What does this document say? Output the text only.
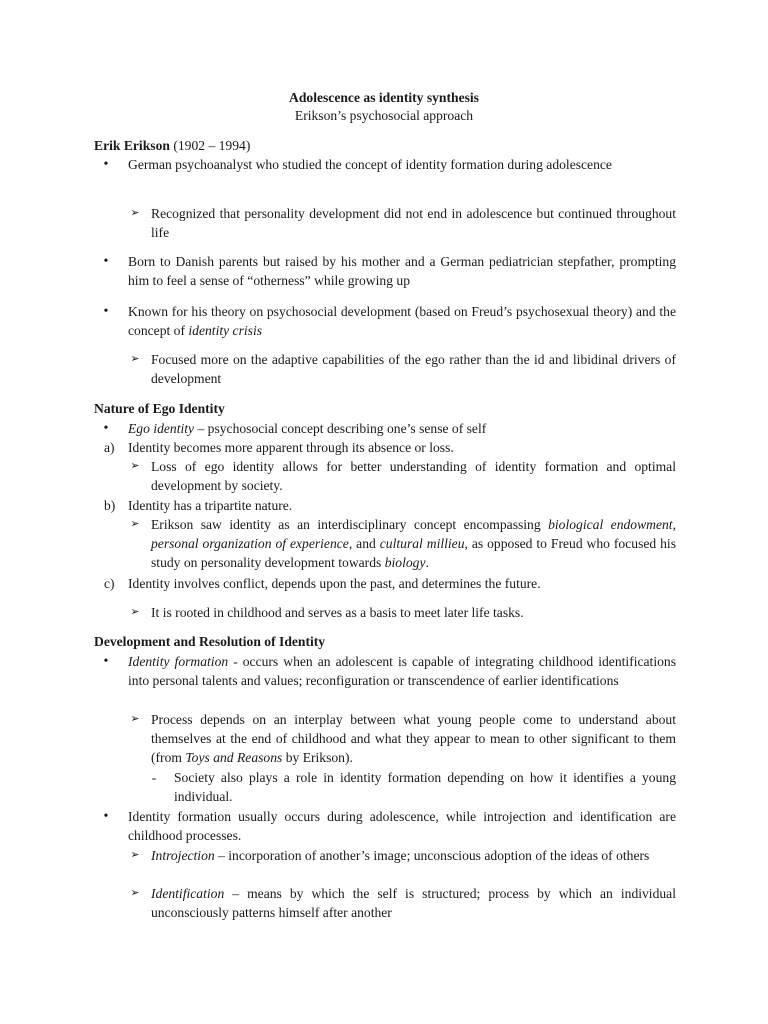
Adolescence as identity synthesis
Erikson’s psychosocial approach
Erik Erikson (1902 – 1994)
•	German psychoanalyst who studied the concept of identity formation during adolescence
➢ Recognized that personality development did not end in adolescence but continued throughout life
•	Born to Danish parents but raised by his mother and a German pediatrician stepfather, prompting him to feel a sense of “otherness” while growing up
•	Known for his theory on psychosocial development (based on Freud’s psychosexual theory) and the concept of identity crisis
➢ Focused more on the adaptive capabilities of the ego rather than the id and libidinal drivers of development
Nature of Ego Identity
•	Ego identity – psychosocial concept describing one’s sense of self
a) Identity becomes more apparent through its absence or loss.
➢ Loss of ego identity allows for better understanding of identity formation and optimal development by society.
b) Identity has a tripartite nature.
➢ Erikson saw identity as an interdisciplinary concept encompassing biological endowment, personal organization of experience, and cultural millieu, as opposed to Freud who focused his study on personality development towards biology.
c) Identity involves conflict, depends upon the past, and determines the future.
➢ It is rooted in childhood and serves as a basis to meet later life tasks.
Development and Resolution of Identity
•	Identity formation - occurs when an adolescent is capable of integrating childhood identifications into personal talents and values; reconfiguration or transcendence of earlier identifications
➢ Process depends on an interplay between what young people come to understand about themselves at the end of childhood and what they appear to mean to other significant to them (from Toys and Reasons by Erikson).
- Society also plays a role in identity formation depending on how it identifies a young individual.
•	Identity formation usually occurs during adolescence, while introjection and identification are childhood processes.
➢ Introjection – incorporation of another’s image; unconscious adoption of the ideas of others
➢ Identification – means by which the self is structured; process by which an individual unconsciously patterns himself after another
